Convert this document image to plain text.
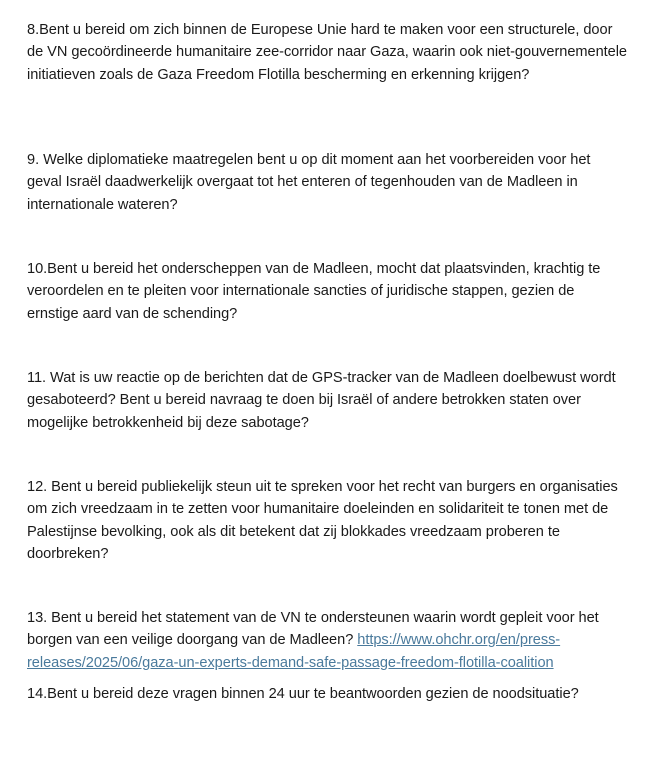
8.Bent u bereid om zich binnen de Europese Unie hard te maken voor een structurele, door de VN gecoördineerde humanitaire zee-corridor naar Gaza, waarin ook niet-gouvernementele initiatieven zoals de Gaza Freedom Flotilla bescherming en erkenning krijgen?

9. Welke diplomatieke maatregelen bent u op dit moment aan het voorbereiden voor het geval Israël daadwerkelijk overgaat tot het enteren of tegenhouden van de Madleen in internationale wateren?

10.Bent u bereid het onderscheppen van de Madleen, mocht dat plaatsvinden, krachtig te veroordelen en te pleiten voor internationale sancties of juridische stappen, gezien de ernstige aard van de schending?

11. Wat is uw reactie op de berichten dat de GPS-tracker van de Madleen doelbewust wordt gesaboteerd? Bent u bereid navraag te doen bij Israël of andere betrokken staten over mogelijke betrokkenheid bij deze sabotage?

12. Bent u bereid publiekelijk steun uit te spreken voor het recht van burgers en organisaties om zich vreedzaam in te zetten voor humanitaire doeleinden en solidariteit te tonen met de Palestijnse bevolking, ook als dit betekent dat zij blokkades vreedzaam proberen te doorbreken?

13. Bent u bereid het statement van de VN te ondersteunen waarin wordt gepleit voor het borgen van een veilige doorgang van de Madleen? https://www.ohchr.org/en/press-releases/2025/06/gaza-un-experts-demand-safe-passage-freedom-flotilla-coalition

14.Bent u bereid deze vragen binnen 24 uur te beantwoorden gezien de noodsituatie?
